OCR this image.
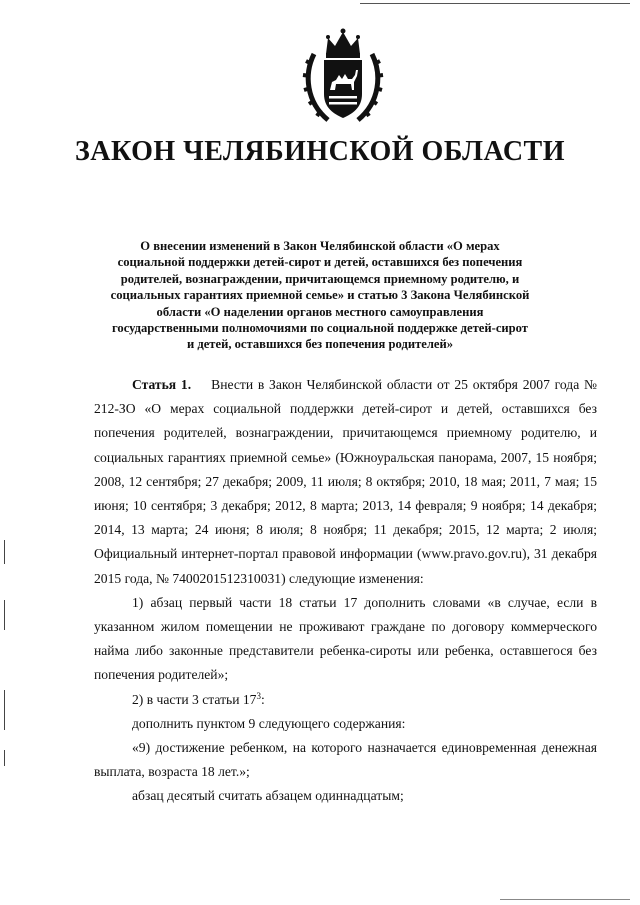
ЗАКОН ЧЕЛЯБИНСКОЙ ОБЛАСТИ

О внесении изменений в Закон Челябинской области «О мерах социальной поддержки детей-сирот и детей, оставшихся без попечения родителей, вознаграждении, причитающемся приемному родителю, и социальных гарантиях приемной семье» и статью 3 Закона Челябинской области «О наделении органов местного самоуправления государственными полномочиями по социальной поддержке детей-сирот и детей, оставшихся без попечения родителей»

Статья 1. Внести в Закон Челябинской области от 25 октября 2007 года № 212-ЗО «О мерах социальной поддержки детей-сирот и детей, оставшихся без попечения родителей, вознаграждении, причитающемся приемному родителю, и социальных гарантиях приемной семье» (Южноуральская панорама, 2007, 15 ноября; 2008, 12 сентября; 27 декабря; 2009, 11 июля; 8 октября; 2010, 18 мая; 2011, 7 мая; 15 июня; 10 сентября; 3 декабря; 2012, 8 марта; 2013, 14 февраля; 9 ноября; 14 декабря; 2014, 13 марта; 24 июня; 8 июля; 8 ноября; 11 декабря; 2015, 12 марта; 2 июля; Официальный интернет-портал правовой информации (www.pravo.gov.ru), 31 декабря 2015 года, № 7400201512310031) следующие изменения:

1) абзац первый части 18 статьи 17 дополнить словами «в случае, если в указанном жилом помещении не проживают граждане по договору коммерческого найма либо законные представители ребенка-сироты или ребенка, оставшегося без попечения родителей»;

2) в части 3 статьи $17^3$:

дополнить пунктом 9 следующего содержания:

«9) достижение ребенком, на которого назначается единовременная денежная выплата, возраста 18 лет.»;

абзац десятый считать абзацем одиннадцатым;
